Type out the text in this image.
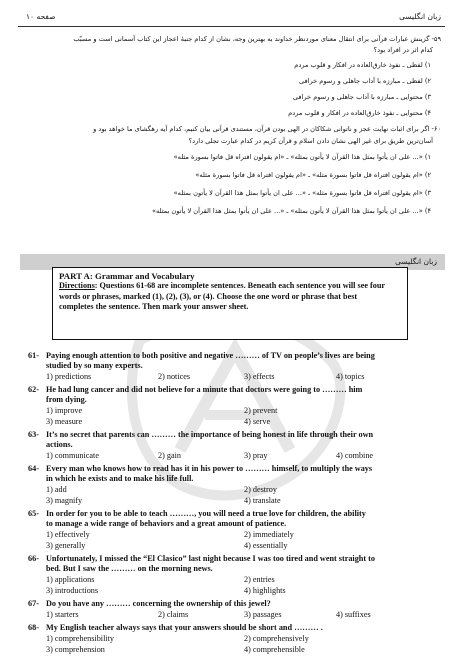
زبان انگلیسی
صفحه ۱۰
۵۹- گزینش عبارات قرآنی برای انتقال معنای موردنظر خداوند به بهترین وجه، نشان از کدام جنبهٔ اعجاز این کتاب آسمانی است و مسبّب
کدام اثر در افراد بود؟
۱) لفظی ـ نفوذ خارق‌العاده در افکار و قلوب مردم
۲) لفظی ـ مبارزه با آداب جاهلی و رسوم خرافی
۳) محتوایی ـ مبارزه با آداب جاهلی و رسوم خرافی
۴) محتوایی ـ نفوذ خارق‌العاده در افکار و قلوب مردم
۶۰- اگر برای اثبات نهایت عجز و ناتوانی شکاکان در الهی بودن قرآن، مستندی قرآنی بیان کنیم، کدام آیه رهگشای ما خواهد بود و
آسان‌ترین طریق برای غیر الهی نشان دادن اسلام و قرآن کریم در کدام عبارت تجلی دارد؟
۱) «... علی ان یأتوا بمثل هذا القرآن لا یأتون بمثله» ـ «ام یقولون افتراه قل فاتوا بسورة مثله»
۲) «ام یقولون افتراه قل فاتوا بسورة مثله» ـ «ام یقولون افتراه قل فاتوا بسورة مثله»
۳) «ام یقولون افتراه قل فاتوا بسورة مثله» ـ «... علی ان یأتوا بمثل هذا القرآن لا یأتون بمثله»
۴) «... علی ان یأتوا بمثل هذا القرآن لا یأتون بمثله» ـ «... علی ان یأتوا بمثل هذا القرآن لا یأتون بمثله»
زبان انگلیسی
PART A: Grammar and Vocabulary
Directions: Questions 61-68 are incomplete sentences. Beneath each sentence you will see four
words or phrases, marked (1), (2), (3), or (4). Choose the one word or phrase that best
completes the sentence. Then mark your answer sheet.
61- Paying enough attention to both positive and negative ……… of TV on people’s lives are being
studied by so many experts.
1) predictions	2) notices	3) effects	4) topics
62- He had lung cancer and did not believe for a minute that doctors were going to ……… him
from dying.
1) improve	2) prevent
3) measure	4) serve
63- It’s no secret that parents can ……… the importance of being honest in life through their own
actions.
1) communicate	2) gain	3) pray	4) combine
64- Every man who knows how to read has it in his power to ……… himself, to multiply the ways
in which he exists and to make his life full.
1) add	2) destroy
3) magnify	4) translate
65- In order for you to be able to teach ………, you will need a true love for children, the ability
to manage a wide range of behaviors and a great amount of patience.
1) effectively	2) immediately
3) generally	4) essentially
66- Unfortunately, I missed the “El Clasico” last night because I was too tired and went straight to
bed. But I saw the ……… on the morning news.
1) applications	2) entries
3) introductions	4) highlights
67- Do you have any ……… concerning the ownership of this jewel?
1) starters	2) claims	3) passages	4) suffixes
68- My English teacher always says that your answers should be short and ……… .
1) comprehensibility	2) comprehensively
3) comprehension	4) comprehensible
